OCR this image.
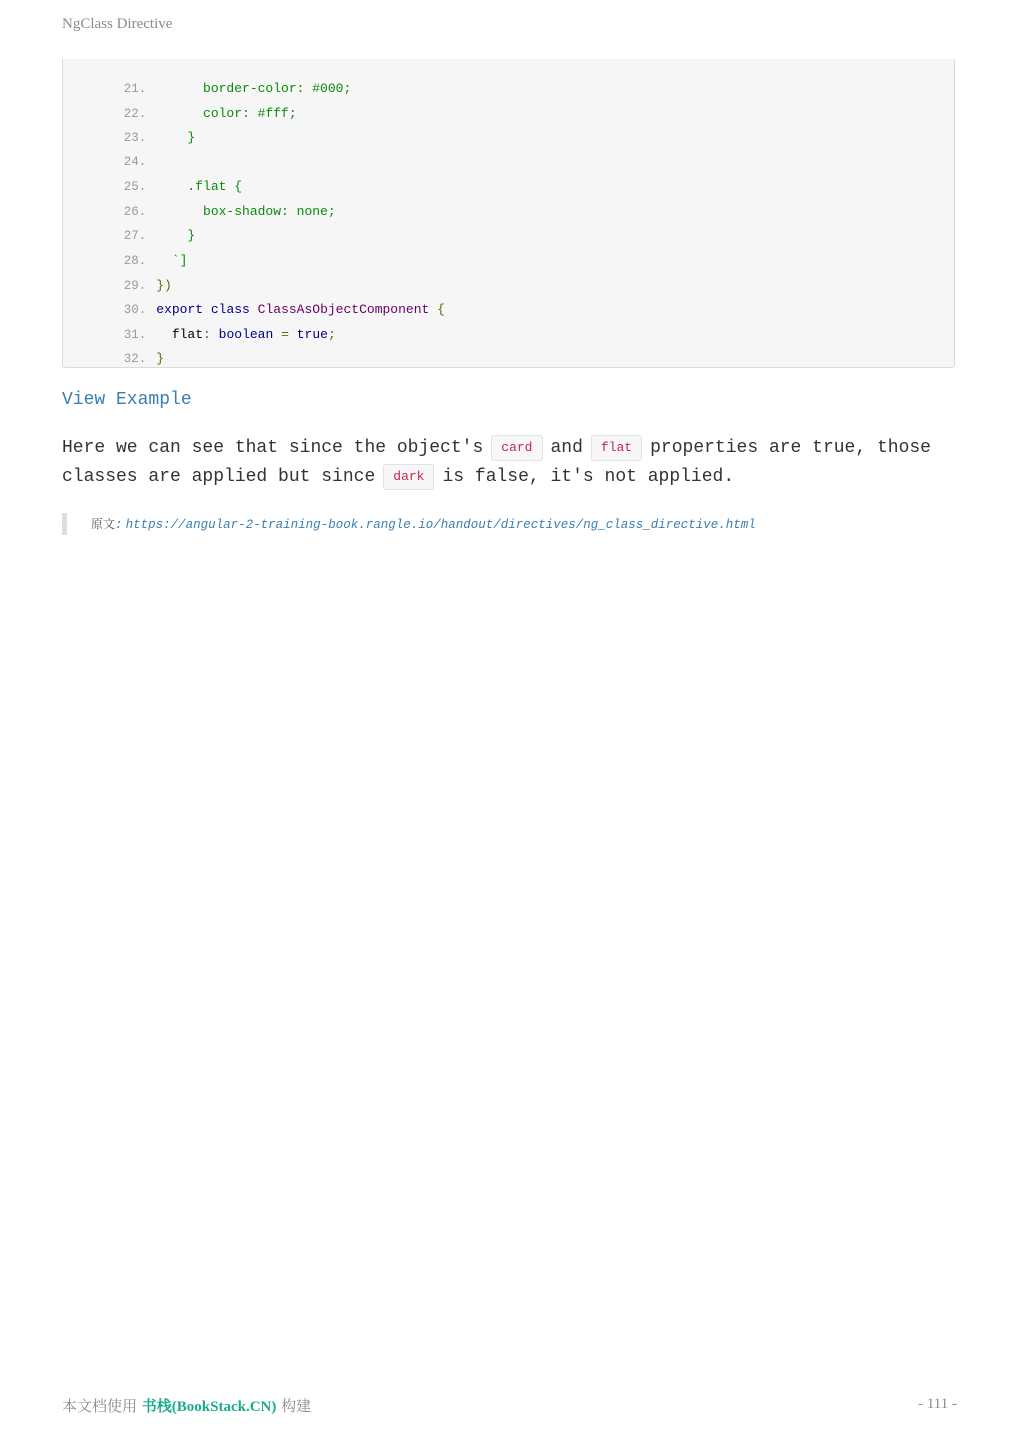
NgClass Directive

21.      border-color: #000;

22.      color: #fff;

23.    }

24.

25.    .flat {

26.      box-shadow: none;

27.    }

28.  `]

29. })

30. export class ClassAsObjectComponent {

31. flat: boolean = true;

32. }

View Example
Here we can see that since the object's card and flat properties are true, those classes are applied but since dark is false, it's not applied.
原文: https://angular-2-training-book.rangle.io/handout/directives/ng_class_directive.html
本文档使用 书栈(BookStack.CN) 构建	- 111 -
